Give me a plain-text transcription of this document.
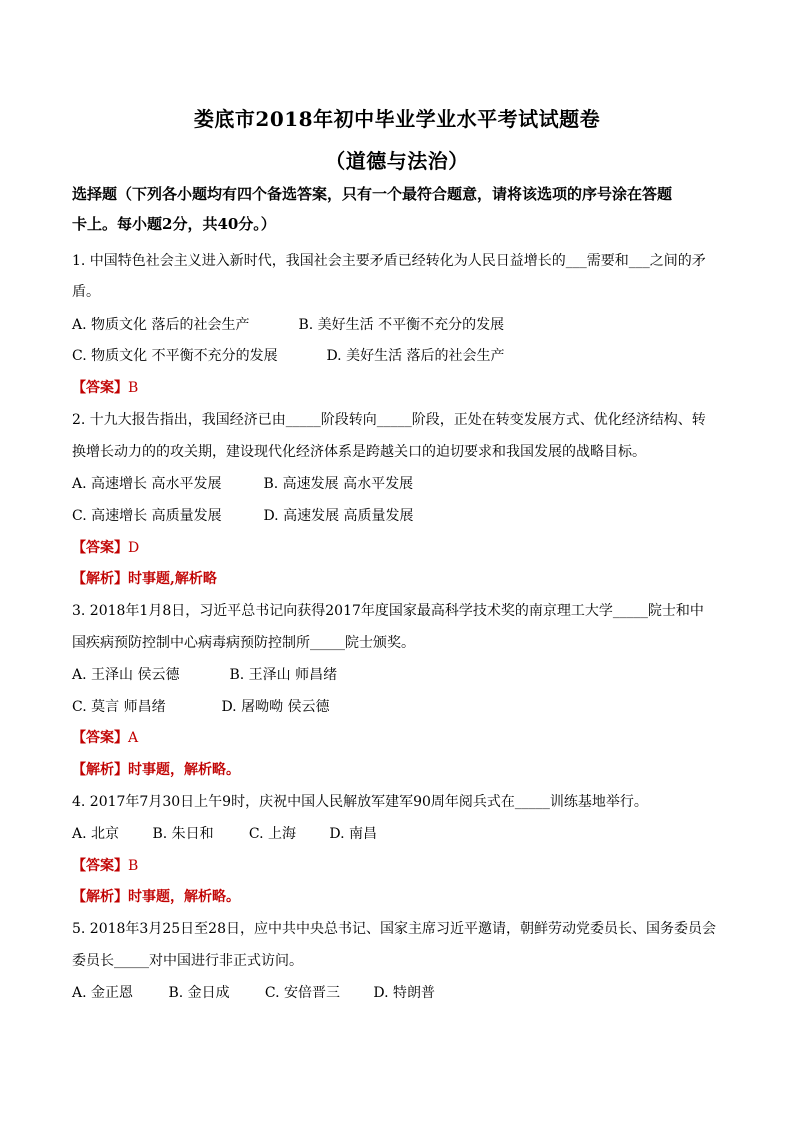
娄底市2018年初中毕业学业水平考试试题卷
（道德与法治）
选择题（下列各小题均有四个备选答案，只有一个最符合题意，请将该选项的序号涂在答题
卡上。每小题2分，共40分。）
1. 中国特色社会主义进入新时代，我国社会主要矛盾已经转化为人民日益增长的___需要和___之间的矛
盾。
A. 物质文化 落后的社会生产	B. 美好生活 不平衡不充分的发展
C. 物质文化 不平衡不充分的发展	D. 美好生活 落后的社会生产
【答案】B
2. 十九大报告指出，我国经济已由_____阶段转向_____阶段，正处在转变发展方式、优化经济结构、转
换增长动力的的攻关期，建设现代化经济体系是跨越关口的迫切要求和我国发展的战略目标。
A. 高速增长 高水平发展	B. 高速发展 高水平发展
C. 高速增长 高质量发展	D. 高速发展 高质量发展
【答案】D
【解析】时事题,解析略
3. 2018年1月8日，习近平总书记向获得2017年度国家最高科学技术奖的南京理工大学_____院士和中
国疾病预防控制中心病毒病预防控制所_____院士颁奖。
A. 王泽山 侯云德	B. 王泽山 师昌绪
C. 莫言 师昌绪	D. 屠呦呦 侯云德
【答案】A
【解析】时事题，解析略。
4. 2017年7月30日上午9时，庆祝中国人民解放军建军90周年阅兵式在_____训练基地举行。
A. 北京 B. 朱日和	C. 上海 D. 南昌
【答案】B
【解析】时事题，解析略。
5. 2018年3月25日至28日，应中共中央总书记、国家主席习近平邀请，朝鲜劳动党委员长、国务委员会
委员长_____对中国进行非正式访问。
A. 金正恩	B. 金日成	C. 安倍晋三 D. 特朗普
